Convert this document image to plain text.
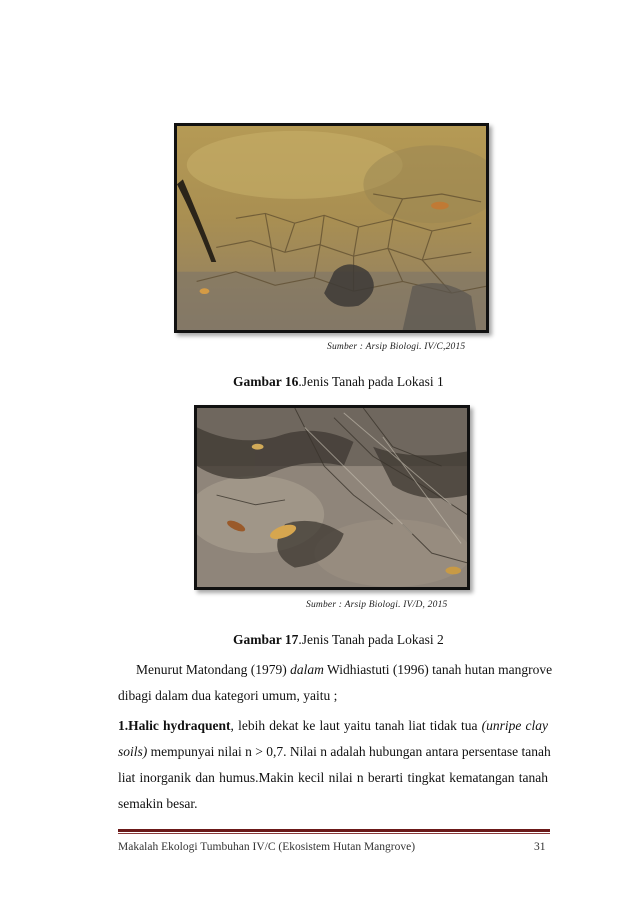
Sumber : Arsip Biologi. IV/C,2015
Gambar 16.Jenis Tanah pada Lokasi 1
Sumber : Arsip Biologi. IV/D, 2015
Gambar 17.Jenis Tanah pada Lokasi 2
Menurut Matondang (1979) dalam Widhiastuti (1996) tanah hutan mangrove
dibagi dalam dua kategori umum, yaitu ;
1.Halic hydraquent, lebih dekat ke laut yaitu tanah liat tidak tua (unripe clay
soils) mempunyai nilai n > 0,7. Nilai n adalah hubungan antara persentase tanah
liat inorganik dan humus.Makin kecil nilai n berarti tingkat kematangan tanah
semakin besar.
Makalah Ekologi Tumbuhan IV/C (Ekosistem Hutan Mangrove)	31
